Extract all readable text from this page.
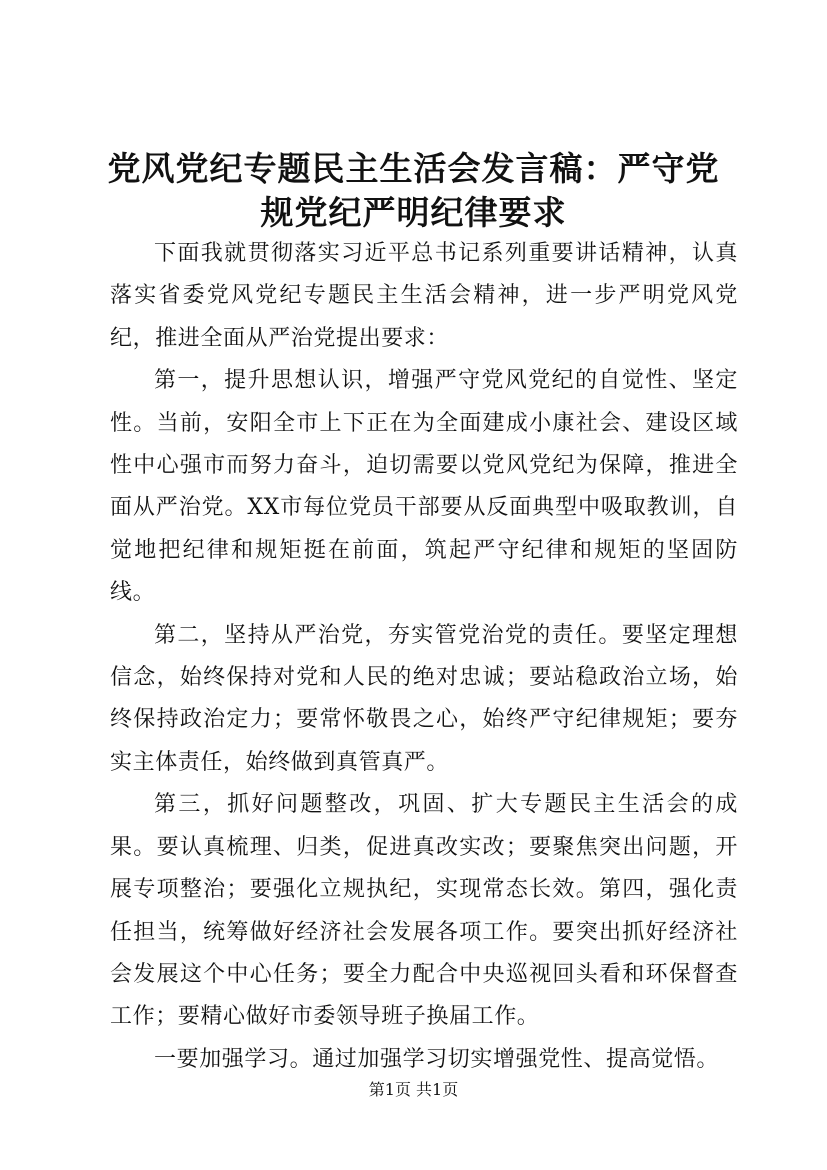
党风党纪专题民主生活会发言稿：严守党规党纪严明纪律要求

下面我就贯彻落实习近平总书记系列重要讲话精神，认真落实省委党风党纪专题民主生活会精神，进一步严明党风党纪，推进全面从严治党提出要求：

第一，提升思想认识，增强严守党风党纪的自觉性、坚定性。当前，安阳全市上下正在为全面建成小康社会、建设区域性中心强市而努力奋斗，迫切需要以党风党纪为保障，推进全面从严治党。XX市每位党员干部要从反面典型中吸取教训，自觉地把纪律和规矩挺在前面，筑起严守纪律和规矩的坚固防线。

第二，坚持从严治党，夯实管党治党的责任。要坚定理想信念，始终保持对党和人民的绝对忠诚；要站稳政治立场，始终保持政治定力；要常怀敬畏之心，始终严守纪律规矩；要夯实主体责任，始终做到真管真严。

第三，抓好问题整改，巩固、扩大专题民主生活会的成果。要认真梳理、归类，促进真改实改；要聚焦突出问题，开展专项整治；要强化立规执纪，实现常态长效。第四，强化责任担当，统筹做好经济社会发展各项工作。要突出抓好经济社会发展这个中心任务；要全力配合中央巡视回头看和环保督查工作；要精心做好市委领导班子换届工作。

一要加强学习。通过加强学习切实增强党性、提高觉悟。

第1页 共1页
